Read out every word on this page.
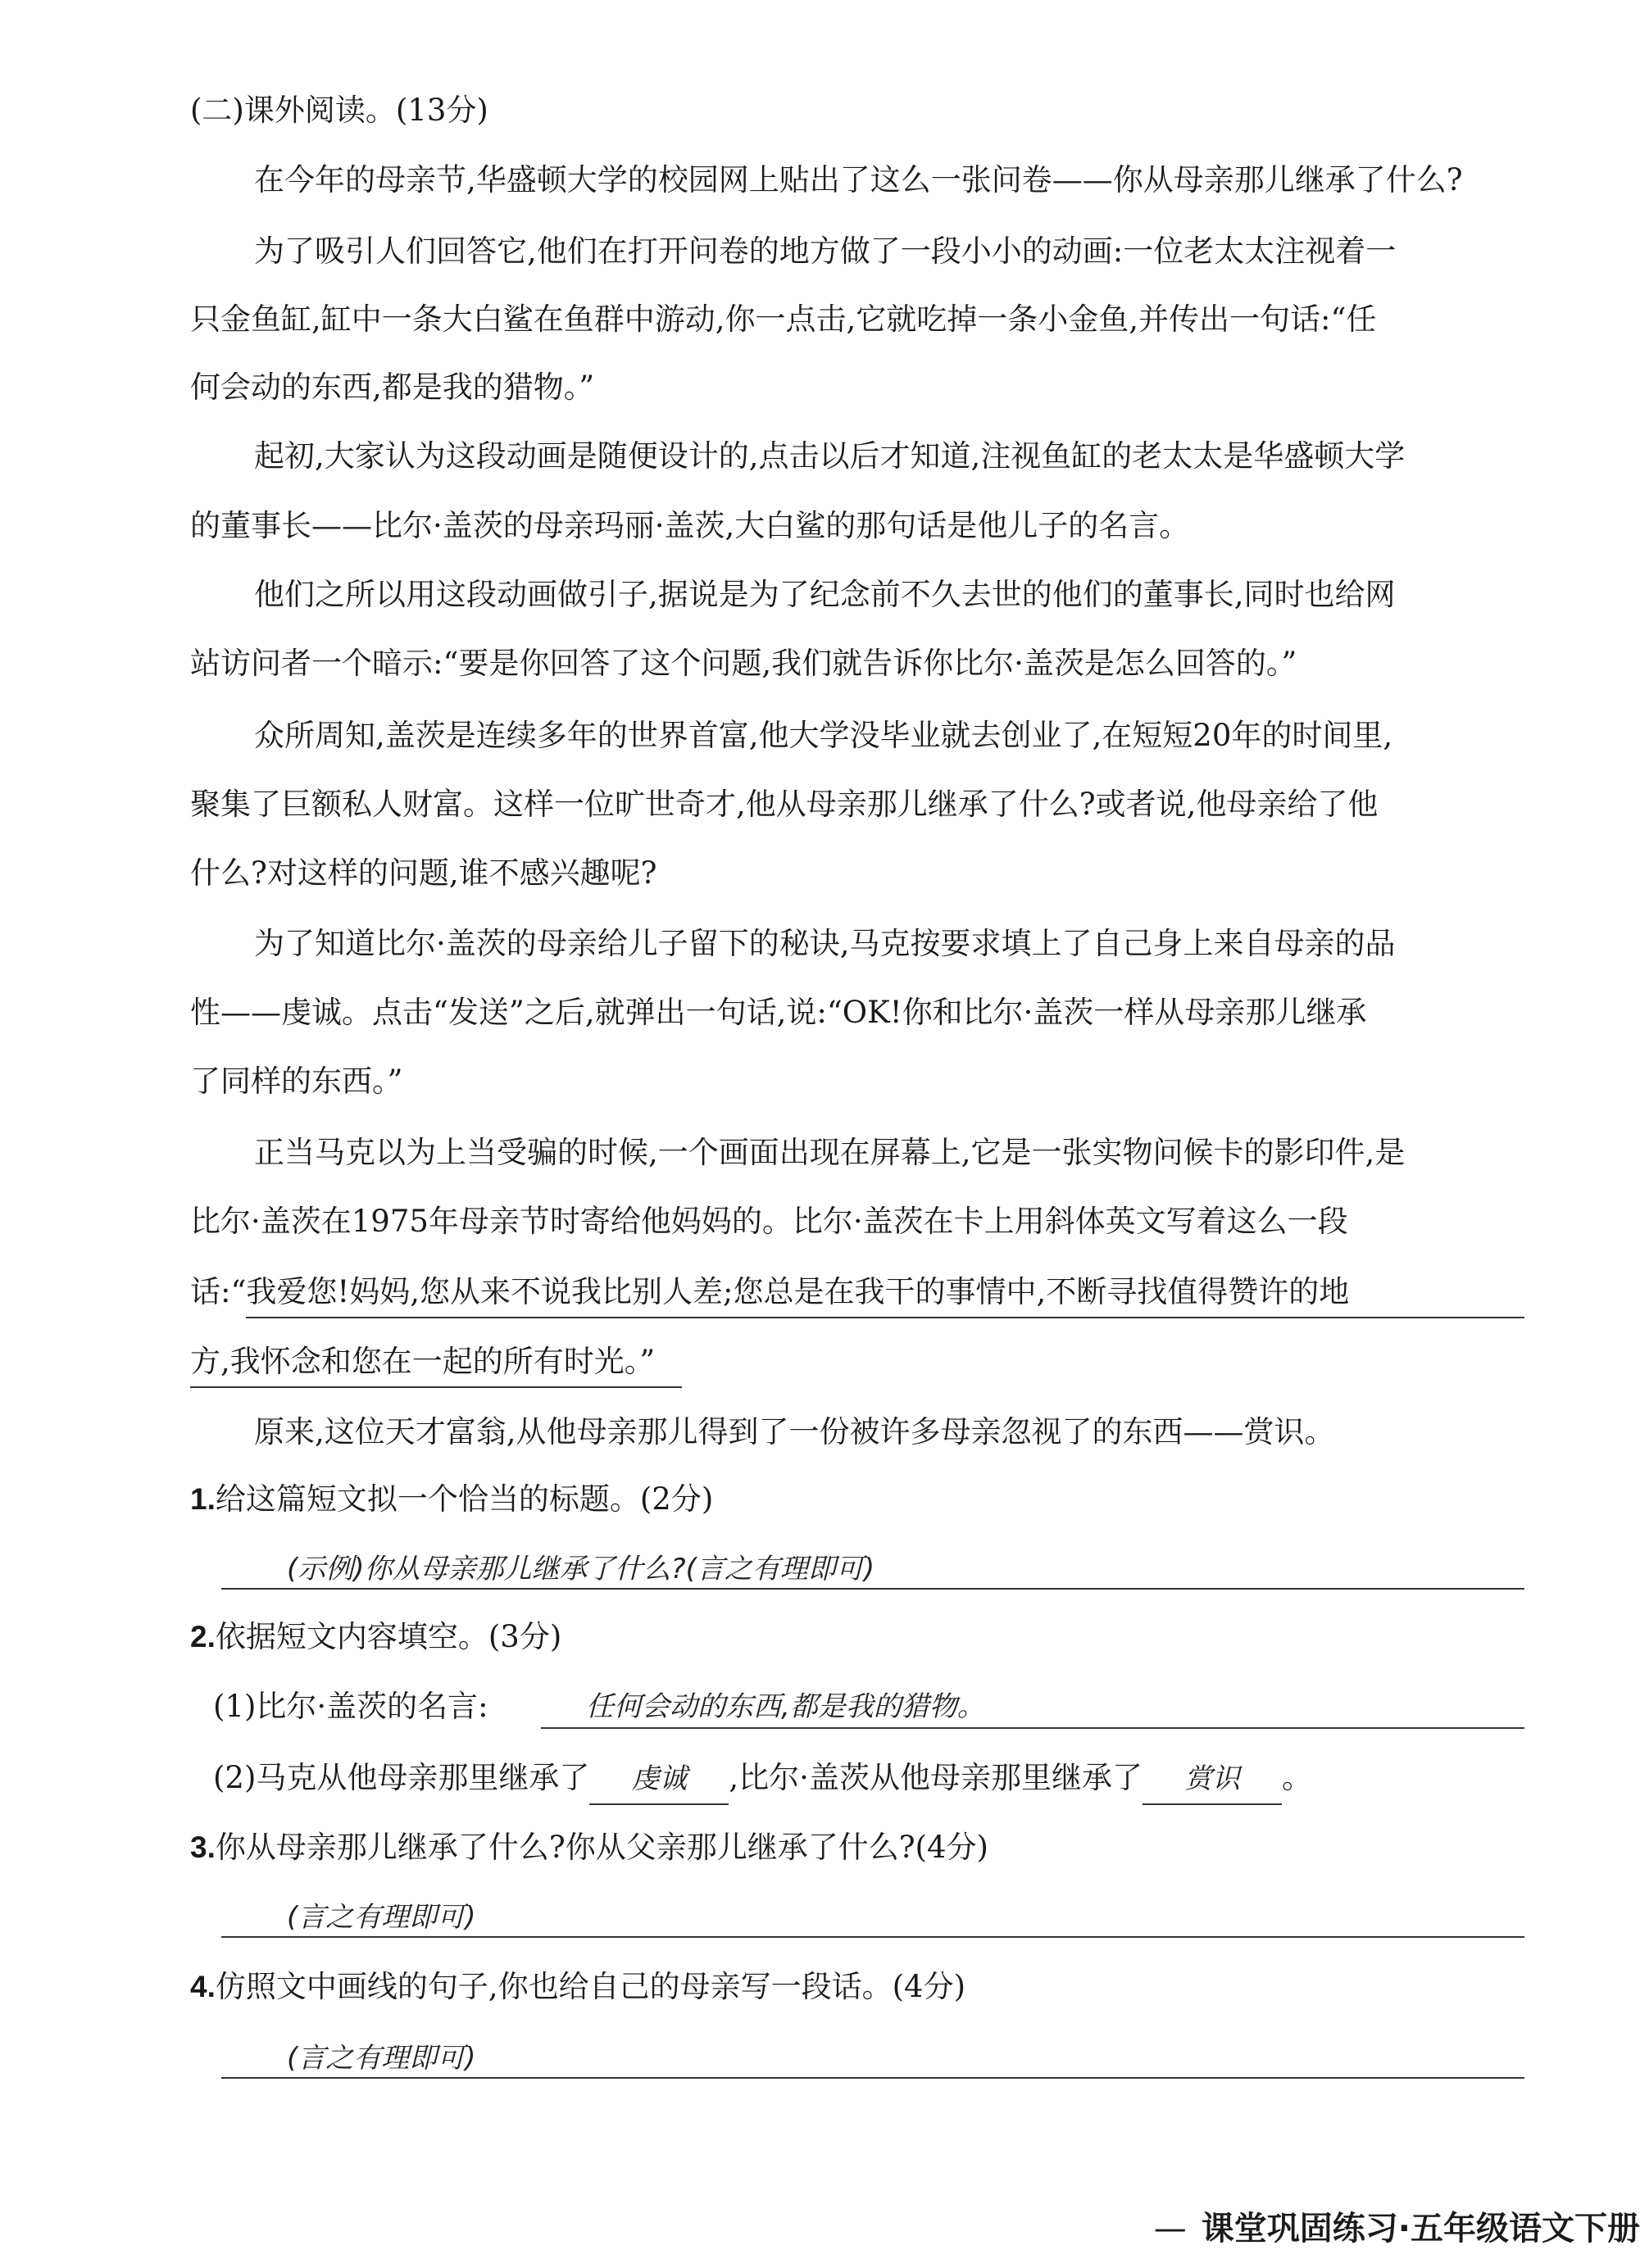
(二)课外阅读。(13分)
在今年的母亲节,华盛顿大学的校园网上贴出了这么一张问卷——你从母亲那儿继承了什么?
为了吸引人们回答它,他们在打开问卷的地方做了一段小小的动画:一位老太太注视着一
只金鱼缸,缸中一条大白鲨在鱼群中游动,你一点击,它就吃掉一条小金鱼,并传出一句话:“任
何会动的东西,都是我的猎物。”
起初,大家认为这段动画是随便设计的,点击以后才知道,注视鱼缸的老太太是华盛顿大学
的董事长——比尔·盖茨的母亲玛丽·盖茨,大白鲨的那句话是他儿子的名言。
他们之所以用这段动画做引子,据说是为了纪念前不久去世的他们的董事长,同时也给网
站访问者一个暗示:“要是你回答了这个问题,我们就告诉你比尔·盖茨是怎么回答的。”
众所周知,盖茨是连续多年的世界首富,他大学没毕业就去创业了,在短短20年的时间里,
聚集了巨额私人财富。这样一位旷世奇才,他从母亲那儿继承了什么?或者说,他母亲给了他
什么?对这样的问题,谁不感兴趣呢?
为了知道比尔·盖茨的母亲给儿子留下的秘诀,马克按要求填上了自己身上来自母亲的品
性——虔诚。点击“发送”之后,就弹出一句话,说:“OK!你和比尔·盖茨一样从母亲那儿继承
了同样的东西。”
正当马克以为上当受骗的时候,一个画面出现在屏幕上,它是一张实物问候卡的影印件,是
比尔·盖茨在1975年母亲节时寄给他妈妈的。比尔·盖茨在卡上用斜体英文写着这么一段
话:“我爱您!妈妈,您从来不说我比别人差;您总是在我干的事情中,不断寻找值得赞许的地
方,我怀念和您在一起的所有时光。”
原来,这位天才富翁,从他母亲那儿得到了一份被许多母亲忽视了的东西——赏识。
1.给这篇短文拟一个恰当的标题。(2分)
(示例)你从母亲那儿继承了什么?(言之有理即可)
2.依据短文内容填空。(3分)
(1)比尔·盖茨的名言:	任何会动的东西,都是我的猎物。
(2)马克从他母亲那里继承了 虔诚 ,比尔·盖茨从他母亲那里继承了 赏识 。
3.你从母亲那儿继承了什么?你从父亲那儿继承了什么?(4分)
(言之有理即可)
4.仿照文中画线的句子,你也给自己的母亲写一段话。(4分)
(言之有理即可)
— 课堂巩固练习·五年级语文下册
